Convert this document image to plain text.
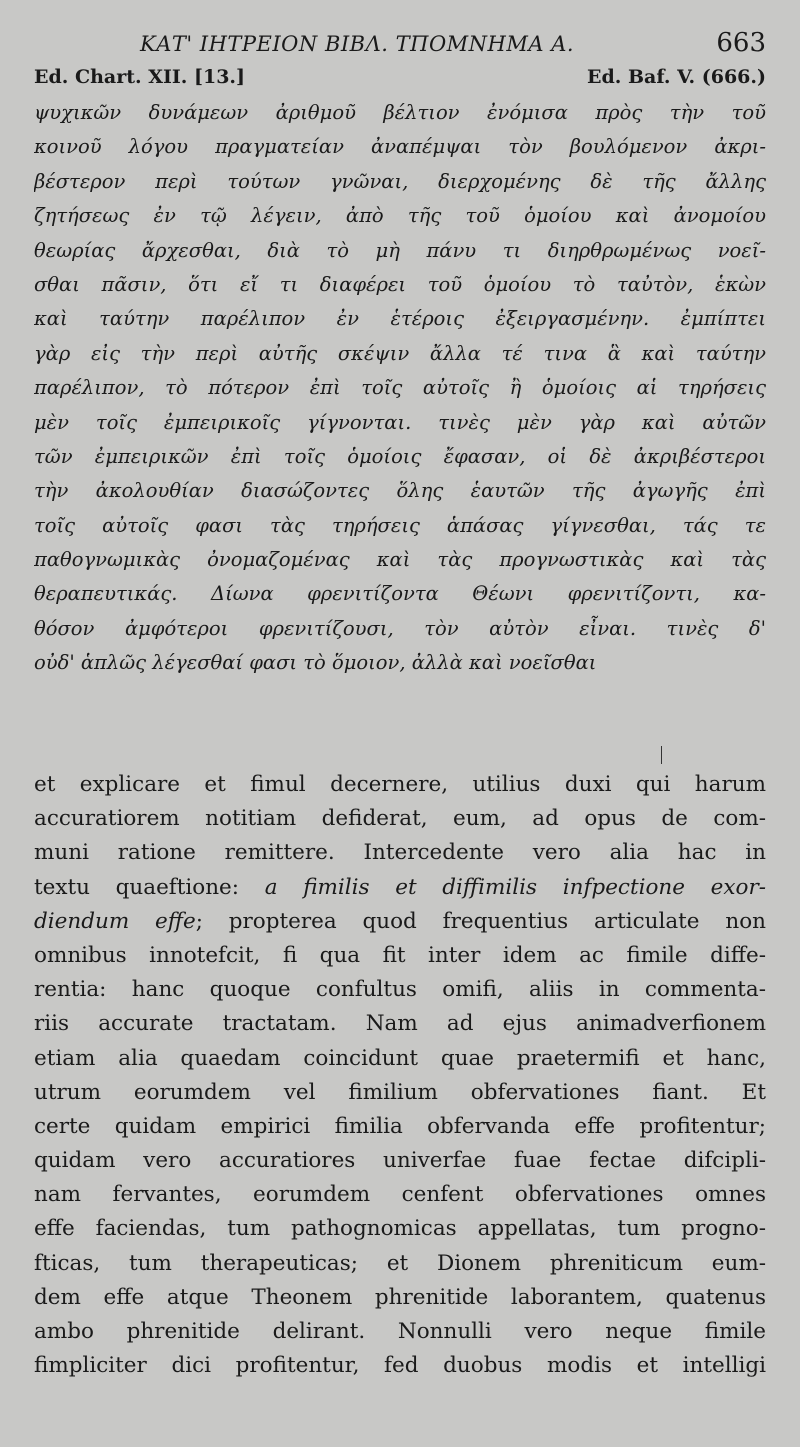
ΚΑΤ' ΙΗΤΡΕΙΟΝ ΒΙΒΛ. ΤΠΟΜΝΗΜΑ Α.	663
Ed. Chart. XII. [13.]	Ed. Baf. V. (666.)
ψυχικῶν δυνάμεων ἀριθμοῦ βέλτιον ἐνόμισα πρὸς τὴν τοῦ
κοινοῦ λόγου πραγματείαν ἀναπέμψαι τὸν βουλόμενον ἀκρι-
βέστερον περὶ τούτων γνῶναι, διερχομένης δὲ τῆς ἄλλης
ζητήσεως ἐν τῷ λέγειν, ἀπὸ τῆς τοῦ ὁμοίου καὶ ἀνομοίου
θεωρίας ἄρχεσθαι, διὰ τὸ μὴ πάνυ τι διηρθρωμένως νοεῖ-
σθαι πᾶσιν, ὅτι εἴ τι διαφέρει τοῦ ὁμοίου τὸ ταὐτὸν, ἑκὼν
καὶ ταύτην παρέλιπον ἐν ἑτέροις ἐξειργασμένην. ἐμπίπτει
γὰρ εἰς τὴν περὶ αὐτῆς σκέψιν ἄλλα τέ τινα ἃ καὶ ταύτην
παρέλιπον, τὸ πότερον ἐπὶ τοῖς αὐτοῖς ἢ ὁμοίοις αἱ τηρήσεις
μὲν τοῖς ἐμπειρικοῖς γίγνονται. τινὲς μὲν γὰρ καὶ αὐτῶν
τῶν ἐμπειρικῶν ἐπὶ τοῖς ὁμοίοις ἔφασαν, οἱ δὲ ἀκριβέστεροι
τὴν ἀκολουθίαν διασώζοντες ὅλης ἑαυτῶν τῆς ἀγωγῆς ἐπὶ
τοῖς αὐτοῖς φασι τὰς τηρήσεις ἁπάσας γίγνεσθαι, τάς τε
παθογνωμικὰς ὀνομαζομένας καὶ τὰς προγνωστικὰς καὶ τὰς
θεραπευτικάς. Δίωνα φρενιτίζοντα Θέωνι φρενιτίζοντι, κα-
θόσον ἀμφότεροι φρενιτίζουσι, τὸν αὐτὸν εἶναι. τινὲς δ'
οὐδ' ἁπλῶς λέγεσθαί φασι τὸ ὅμοιον, ἀλλὰ καὶ νοεῖσθαι
et explicare et fimul decernere, utilius duxi qui harum
accuratiorem notitiam defiderat, eum, ad opus de com-
muni ratione remittere. Intercedente vero alia hac in
textu quaeftione: a fimilis et diffimilis infpectione exor-
diendum effe; propterea quod frequentius articulate non
omnibus innotefcit, fi qua fit inter idem ac fimile diffe-
rentia: hanc quoque confultus omifi, aliis in commenta-
riis accurate tractatam. Nam ad ejus animadverfionem
etiam alia quaedam coincidunt quae praetermifi et hanc,
utrum eorumdem vel fimilium obfervationes fiant. Et
certe quidam empirici fimilia obfervanda effe profitentur;
quidam vero accuratiores univerfae fuae fectae difcipli-
nam fervantes, eorumdem cenfent obfervationes omnes
effe faciendas, tum pathognomicas appellatas, tum progno-
fticas, tum therapeuticas; et Dionem phreniticum eum-
dem effe atque Theonem phrenitide laborantem, quatenus
ambo phrenitide delirant. Nonnulli vero neque fimile
fimpliciter dici profitentur, fed duobus modis et intelligi
